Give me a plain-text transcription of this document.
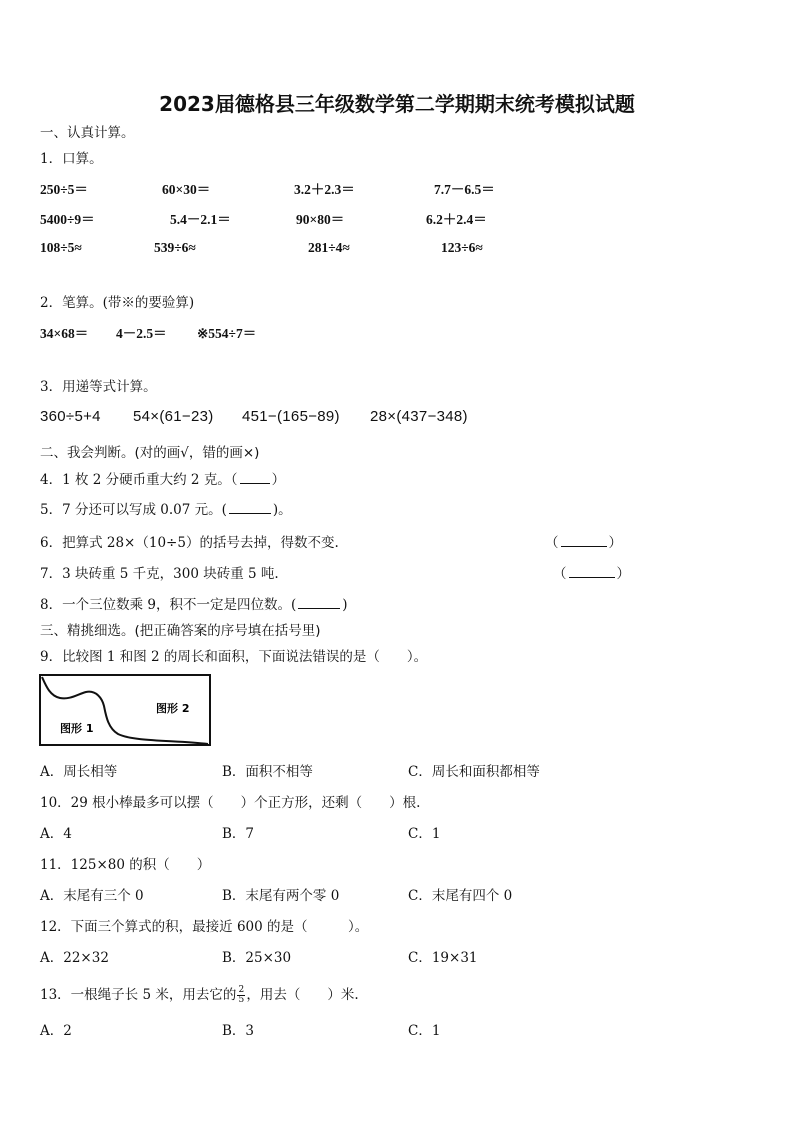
2023届德格县三年级数学第二学期期末统考模拟试题
一、认真计算。
1．口算。
250÷5＝	60×30＝	3.2＋2.3＝	7.7－6.5＝
5400÷9＝	5.4－2.1＝	90×80＝	6.2＋2.4＝
108÷5≈	539÷6≈	281÷4≈	123÷6≈
2．笔算。(带※的要验算)
34×68＝ 4－2.5＝ ※554÷7＝
3．用递等式计算。
360÷5+4 54×(61−23) 451−(165−89) 28×(437−348)
二、我会判断。(对的画√，错的画×)
4．1 枚 2 分硬币重大约 2 克。（	）
5．7 分还可以写成 0.07 元。(	)。
6．把算式 28×（10÷5）的括号去掉，得数不变.	（	）
7．3 块砖重 5 千克，300 块砖重 5 吨.	（	）
8．一个三位数乘 9，积不一定是四位数。(	)
三、精挑细选。(把正确答案的序号填在括号里)
9．比较图 1 和图 2 的周长和面积，下面说法错误的是（　　）。
图形 2
图形 1
A．周长相等	B．面积不相等	C．周长和面积都相等
10．29 根小棒最多可以摆（　　）个正方形，还剩（　　）根.
A．4	B．7	C．1
11．125×80 的积（　　）
A．末尾有三个 0	B．末尾有两个零 0	C．末尾有四个 0
12．下面三个算式的积，最接近 600 的是（　　　）。
A．22×32	B．25×30	C．19×31
13．一根绳子长 5 米，用去它的 $\frac{2}{5}$ ，用去（　　）米.
A．2	B．3	C．1
